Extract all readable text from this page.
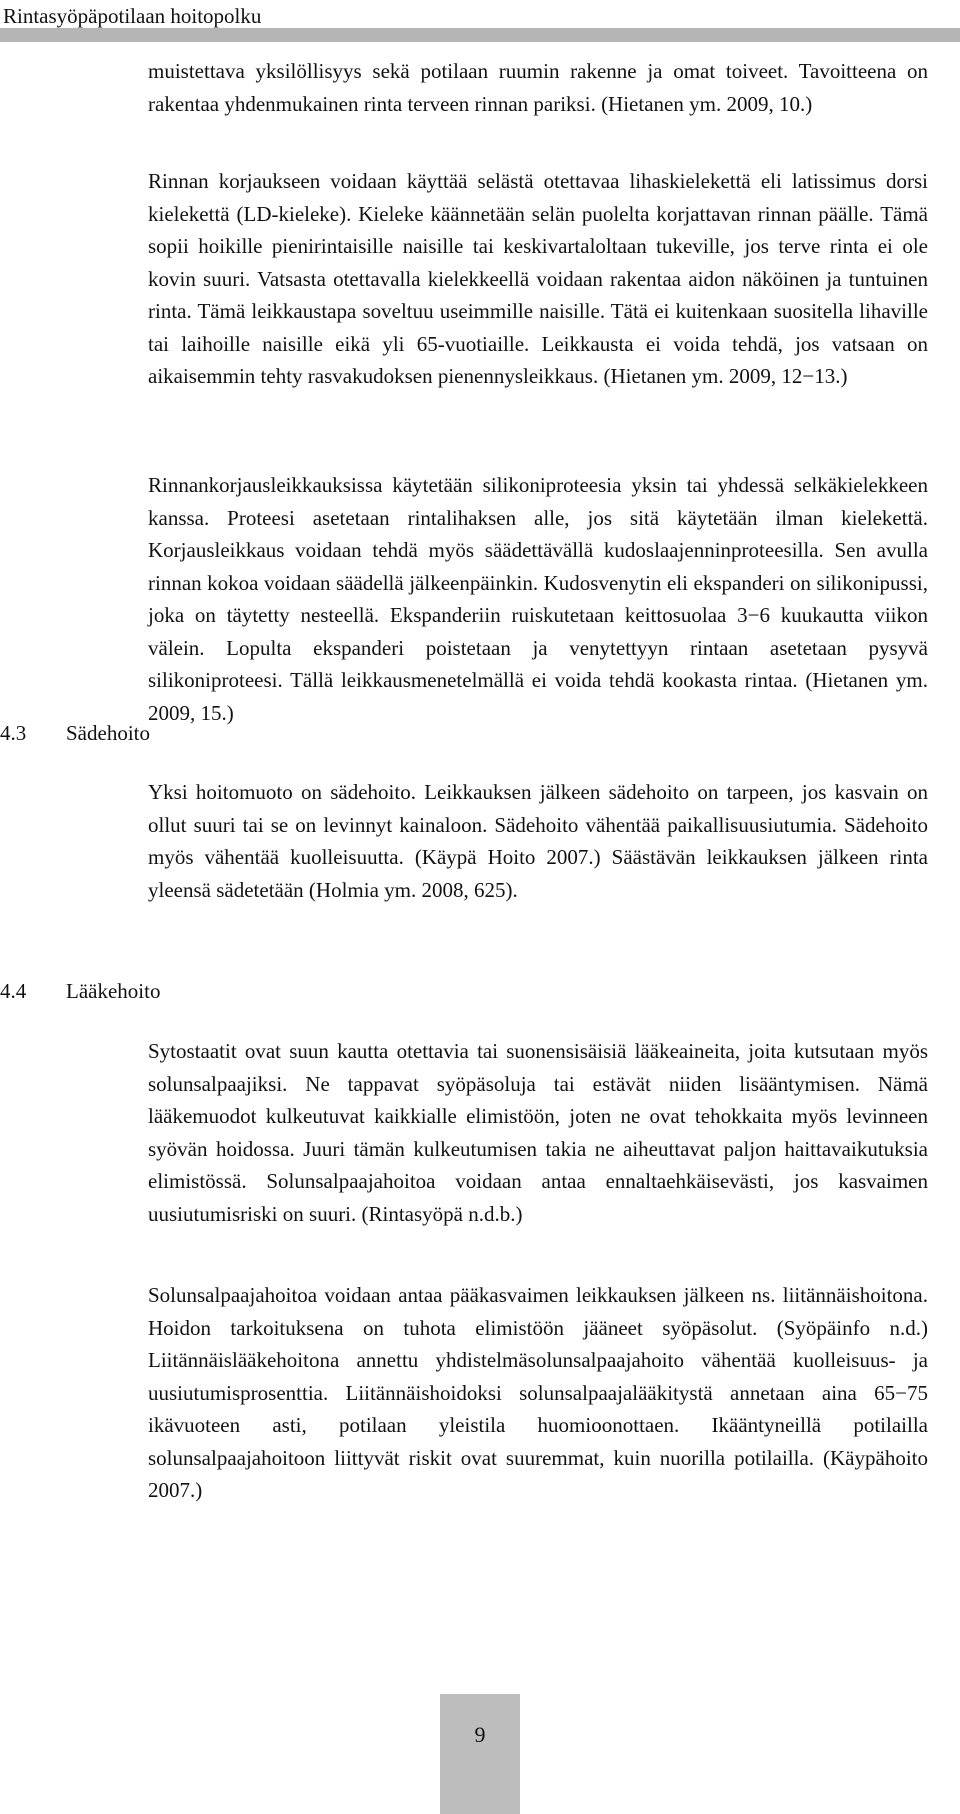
Rintasyöpäpotilaan hoitopolku

muistettava yksilöllisyys sekä potilaan ruumin rakenne ja omat toiveet. Tavoitteena on rakentaa yhdenmukainen rinta terveen rinnan pariksi. (Hietanen ym. 2009, 10.)

Rinnan korjaukseen voidaan käyttää selästä otettavaa lihaskielekettä eli latissimus dorsi kielekettä (LD-kieleke). Kieleke käännetään selän puolelta korjattavan rinnan päälle. Tämä sopii hoikille pienirintaisille naisille tai keskivartaloltaan tukeville, jos terve rinta ei ole kovin suuri. Vatsasta otettavalla kielekkeellä voidaan rakentaa aidon näköinen ja tuntuinen rinta. Tämä leikkaustapa soveltuu useimmille naisille. Tätä ei kuitenkaan suositella lihaville tai laihoille naisille eikä yli 65-vuotiaille. Leikkausta ei voida tehdä, jos vatsaan on aikaisemmin tehty rasvakudoksen pienennysleikkaus. (Hietanen ym. 2009, 12−13.)

Rinnankorjausleikkauksissa käytetään silikoniproteesia yksin tai yhdessä selkäkielekkeen kanssa. Proteesi asetetaan rintalihaksen alle, jos sitä käytetään ilman kielekettä. Korjausleikkaus voidaan tehdä myös säädettävällä kudoslaajenninproteesilla. Sen avulla rinnan kokoa voidaan säädellä jälkeenpäinkin. Kudosvenytin eli ekspanderi on silikonipussi, joka on täytetty nesteellä. Ekspanderiin ruiskutetaan keittosuolaa 3−6 kuukautta viikon välein. Lopulta ekspanderi poistetaan ja venytettyyn rintaan asetetaan pysyvä silikoniproteesi. Tällä leikkausmenetelmällä ei voida tehdä kookasta rintaa. (Hietanen ym. 2009, 15.)

4.3 Sädehoito

Yksi hoitomuoto on sädehoito. Leikkauksen jälkeen sädehoito on tarpeen, jos kasvain on ollut suuri tai se on levinnyt kainaloon. Sädehoito vähentää paikallisuusiutumia. Sädehoito myös vähentää kuolleisuutta. (Käypä Hoito 2007.) Säästävän leikkauksen jälkeen rinta yleensä sädetetään (Holmia ym. 2008, 625).

4.4 Lääkehoito

Sytostaatit ovat suun kautta otettavia tai suonensisäisiä lääkeaineita, joita kutsutaan myös solunsalpaajiksi. Ne tappavat syöpäsoluja tai estävät niiden lisääntymisen. Nämä lääkemuodot kulkeutuvat kaikkialle elimistöön, joten ne ovat tehokkaita myös levinneen syövän hoidossa. Juuri tämän kulkeutumisen takia ne aiheuttavat paljon haittavaikutuksia elimistössä. Solunsalpaajahoitoa voidaan antaa ennaltaehkäisevästi, jos kasvaimen uusiutumisriski on suuri. (Rintasyöpä n.d.b.)

Solunsalpaajahoitoa voidaan antaa pääkasvaimen leikkauksen jälkeen ns. liitännäishoitona. Hoidon tarkoituksena on tuhota elimistöön jääneet syöpäsolut. (Syöpäinfo n.d.) Liitännäislääkehoitona annettu yhdistelmäsolunsalpaajahoito vähentää kuolleisuus- ja uusiutumisprosenttia. Liitännäishoidoksi solunsalpaajalääkitystä annetaan aina 65−75 ikävuoteen asti, potilaan yleistila huomioonottaen. Ikääntyneillä potilailla solunsalpaajahoitoon liittyvät riskit ovat suuremmat, kuin nuorilla potilailla. (Käypähoito 2007.)

9
